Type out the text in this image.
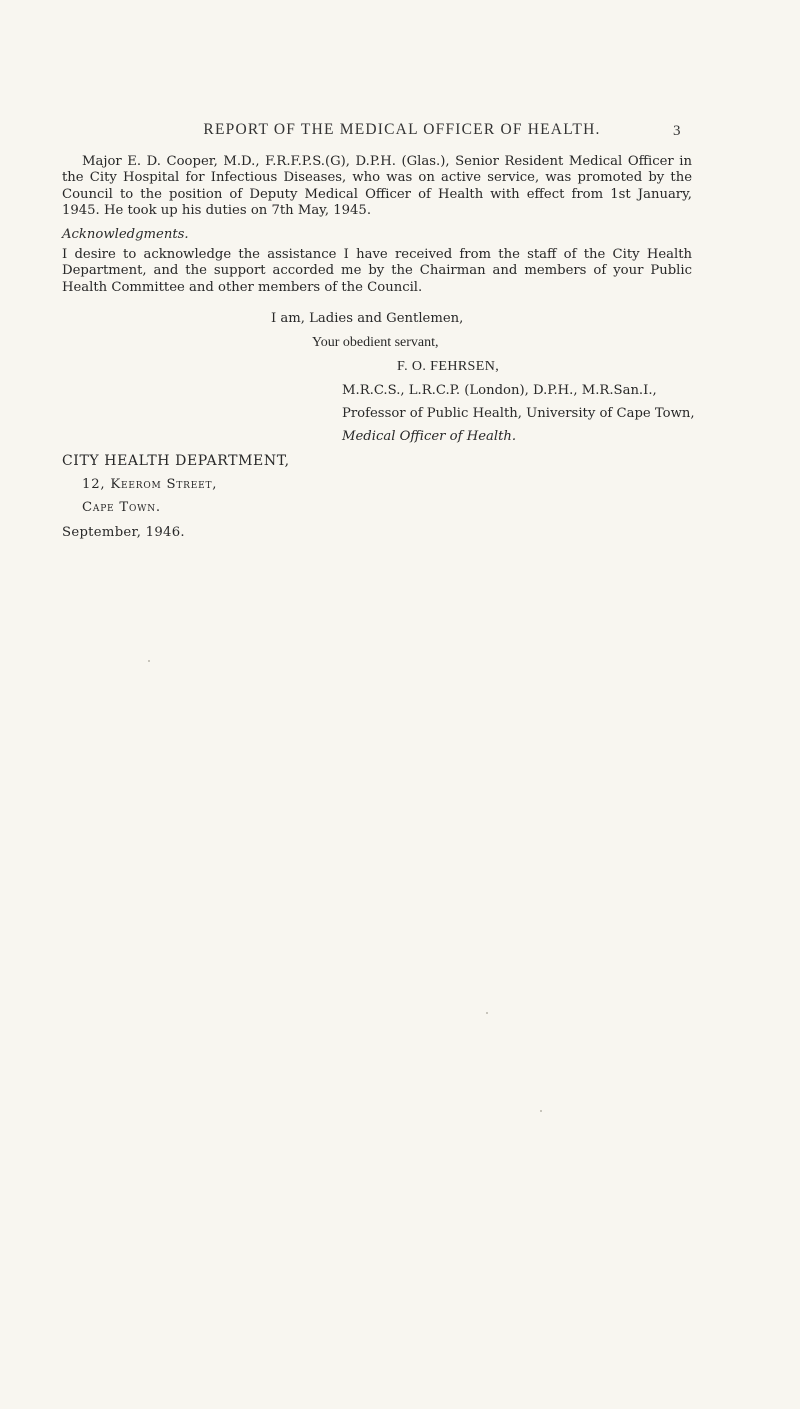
REPORT OF THE MEDICAL OFFICER OF HEALTH.	3

Major E. D. Cooper, M.D., F.R.F.P.S.(G), D.P.H. (Glas.), Senior Resident Medical Officer in the City Hospital for Infectious Diseases, who was on active service, was promoted by the Council to the position of Deputy Medical Officer of Health with effect from 1st January, 1945. He took up his duties on 7th May, 1945.

Acknowledgments.

I desire to acknowledge the assistance I have received from the staff of the City Health Department, and the support accorded me by the Chairman and members of your Public Health Committee and other members of the Council.

I am, Ladies and Gentlemen,
Your obedient servant,
F. O. FEHRSEN,
M.R.C.S., L.R.C.P. (London), D.P.H., M.R.San.I.,
Professor of Public Health, University of Cape Town,
Medical Officer of Health.
CITY HEALTH DEPARTMENT,
12, Keerom Street,
Cape Town.
September, 1946.
